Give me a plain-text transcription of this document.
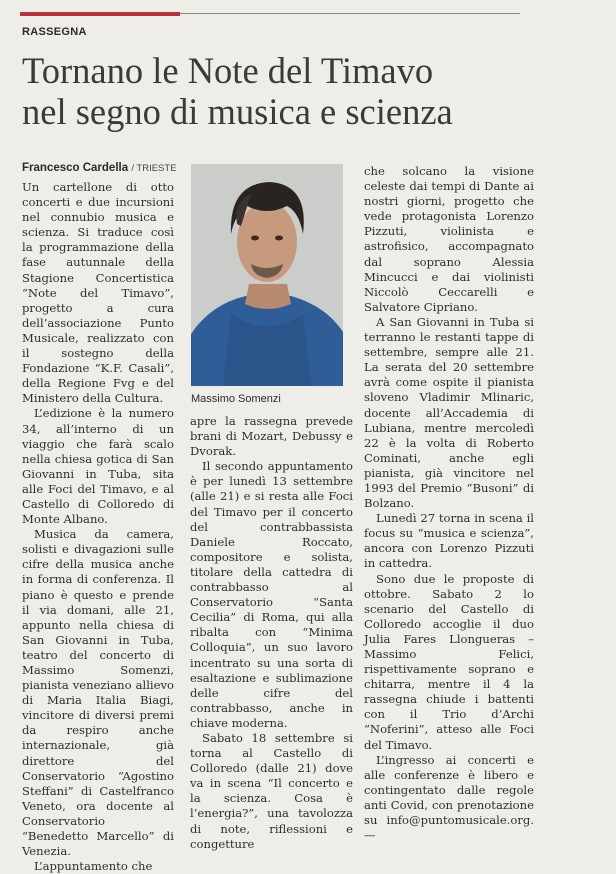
RASSEGNA
Tornano le Note del Timavo
nel segno di musica e scienza
Francesco Cardella / TRIESTE

Un cartellone di otto concerti e due incursioni nel connubio musica e scienza. Si traduce così la programmazione della fase autunnale della Stagione Concertistica “Note del Timavo”, progetto a cura dell’associazione Punto Musicale, realizzato con il sostegno della Fondazione “K.F. Casali”, della Regione Fvg e del Ministero della Cultura.

L’edizione è la numero 34, all’interno di un viaggio che farà scalo nella chiesa gotica di San Giovanni in Tuba, sita alle Foci del Timavo, e al Castello di Colloredo di Monte Albano.

Musica da camera, solisti e divagazioni sulle cifre della musica anche in forma di conferenza. Il piano è questo e prende il via domani, alle 21, appunto nella chiesa di San Giovanni in Tuba, teatro del concerto di Massimo Somenzi, pianista veneziano allievo di Maria Italia Biagi, vincitore di diversi premi da respiro anche internazionale, già direttore del Conservatorio “Agostino Steffani” di Castelfranco Veneto, ora docente al Conservatorio “Benedetto Marcello” di Venezia.

L’appuntamento che

Massimo Somenzi

apre la rassegna prevede brani di Mozart, Debussy e Dvorak.

Il secondo appuntamento è per lunedì 13 settembre (alle 21) e si resta alle Foci del Timavo per il concerto del contrabbassista Daniele Roccato, compositore e solista, titolare della cattedra di contrabbasso al Conservatorio “Santa Cecilia” di Roma, qui alla ribalta con “Minima Colloquia”, un suo lavoro incentrato su una sorta di esaltazione e sublimazione delle cifre del contrabbasso, anche in chiave moderna.

Sabato 18 settembre si torna al Castello di Colloredo (dalle 21) dove va in scena “Il concerto e la scienza. Cosa è l’energia?”, una tavolozza di note, riflessioni e congetture

che solcano la visione celeste dai tempi di Dante ai nostri giorni, progetto che vede protagonista Lorenzo Pizzuti, violinista e astrofisico, accompagnato dal soprano Alessia Mincucci e dai violinisti Niccolò Ceccarelli e Salvatore Cipriano.

A San Giovanni in Tuba si terranno le restanti tappe di settembre, sempre alle 21. La serata del 20 settembre avrà come ospite il pianista sloveno Vladimir Mlinaric, docente all’Accademia di Lubiana, mentre mercoledì 22 è la volta di Roberto Cominati, anche egli pianista, già vincitore nel 1993 del Premio “Busoni” di Bolzano.

Lunedì 27 torna in scena il focus su “musica e scienza”, ancora con Lorenzo Pizzuti in cattedra.

Sono due le proposte di ottobre. Sabato 2 lo scenario del Castello di Colloredo accoglie il duo Julia Fares Llongueras – Massimo Felici, rispettivamente soprano e chitarra, mentre il 4 la rassegna chiude i battenti con il Trio d’Archi “Noferini”, atteso alle Foci del Timavo.

L’ingresso ai concerti e alle conferenze è libero e contingentato dalle regole anti Covid, con prenotazione su info@puntomusicale.org.—
